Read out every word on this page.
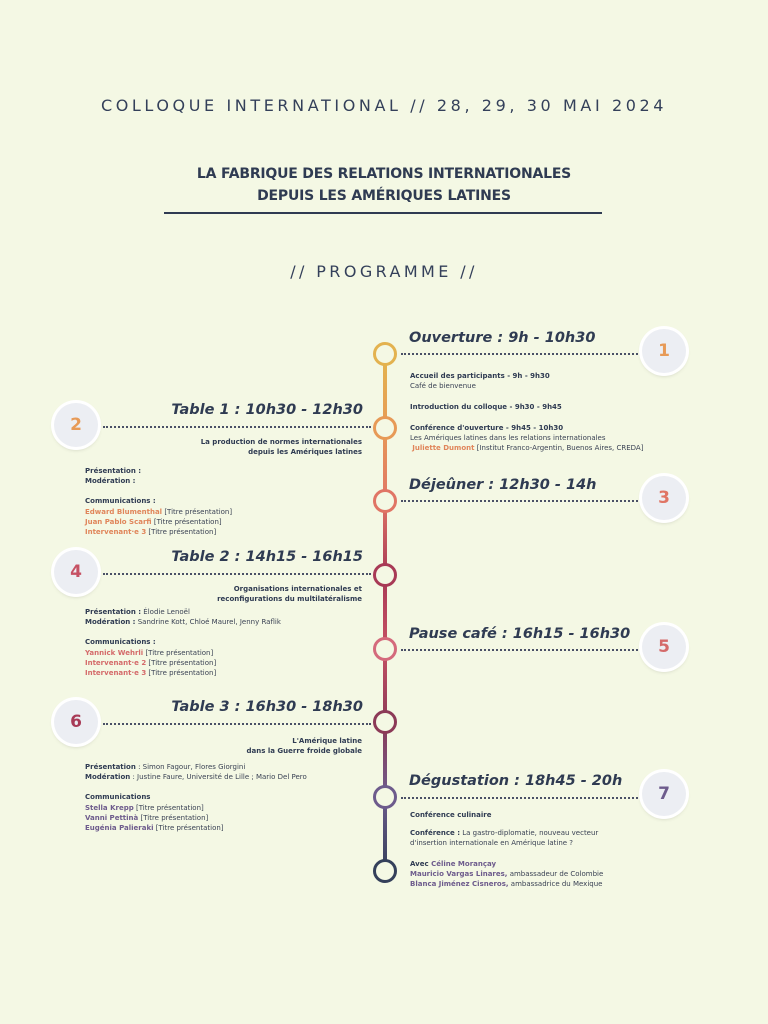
COLLOQUE INTERNATIONAL // 28, 29, 30 MAI 2024
LA FABRIQUE DES RELATIONS INTERNATIONALES
DEPUIS LES AMÉRIQUES LATINES
// PROGRAMME //
Ouverture : 9h - 10h30
1
Accueil des participants - 9h - 9h30
Café de bienvenue
Introduction du colloque - 9h30 - 9h45
Conférence d'ouverture - 9h45 - 10h30
Les Amériques latines dans les relations internationales
Juliette Dumont [Institut Franco-Argentin, Buenos Aires, CREDA]
2
Table 1 : 10h30 - 12h30
La production de normes internationales
depuis les Amériques latines
Présentation :
Modération :
Communications :
Edward Blumenthal [Titre présentation]
Juan Pablo Scarfi [Titre présentation]
Intervenant·e 3 [Titre présentation]
Déjeûner : 12h30 - 14h
3
4
Table 2 : 14h15 - 16h15
Organisations internationales et
reconfigurations du multilatéralisme
Présentation : Élodie Lenoël
Modération : Sandrine Kott, Chloé Maurel, Jenny Raflik
Communications :
Yannick Wehrli [Titre présentation]
Intervenant·e 2 [Titre présentation]
Intervenant·e 3 [Titre présentation]
Pause café : 16h15 - 16h30
5
6
Table 3 : 16h30 - 18h30
L'Amérique latine
dans la Guerre froide globale
Présentation : Simon Fagour, Flores Giorgini
Modération : Justine Faure, Université de Lille ; Mario Del Pero
Communications
Stella Krepp [Titre présentation]
Vanni Pettinà [Titre présentation]
Eugénia Palieraki [Titre présentation]
Dégustation : 18h45 - 20h
7
Conférence culinaire
Conférence : La gastro-diplomatie, nouveau vecteur
d'insertion internationale en Amérique latine ?
Avec Céline Morançay
Mauricio Vargas Linares, ambassadeur de Colombie
Blanca Jiménez Cisneros, ambassadrice du Mexique
